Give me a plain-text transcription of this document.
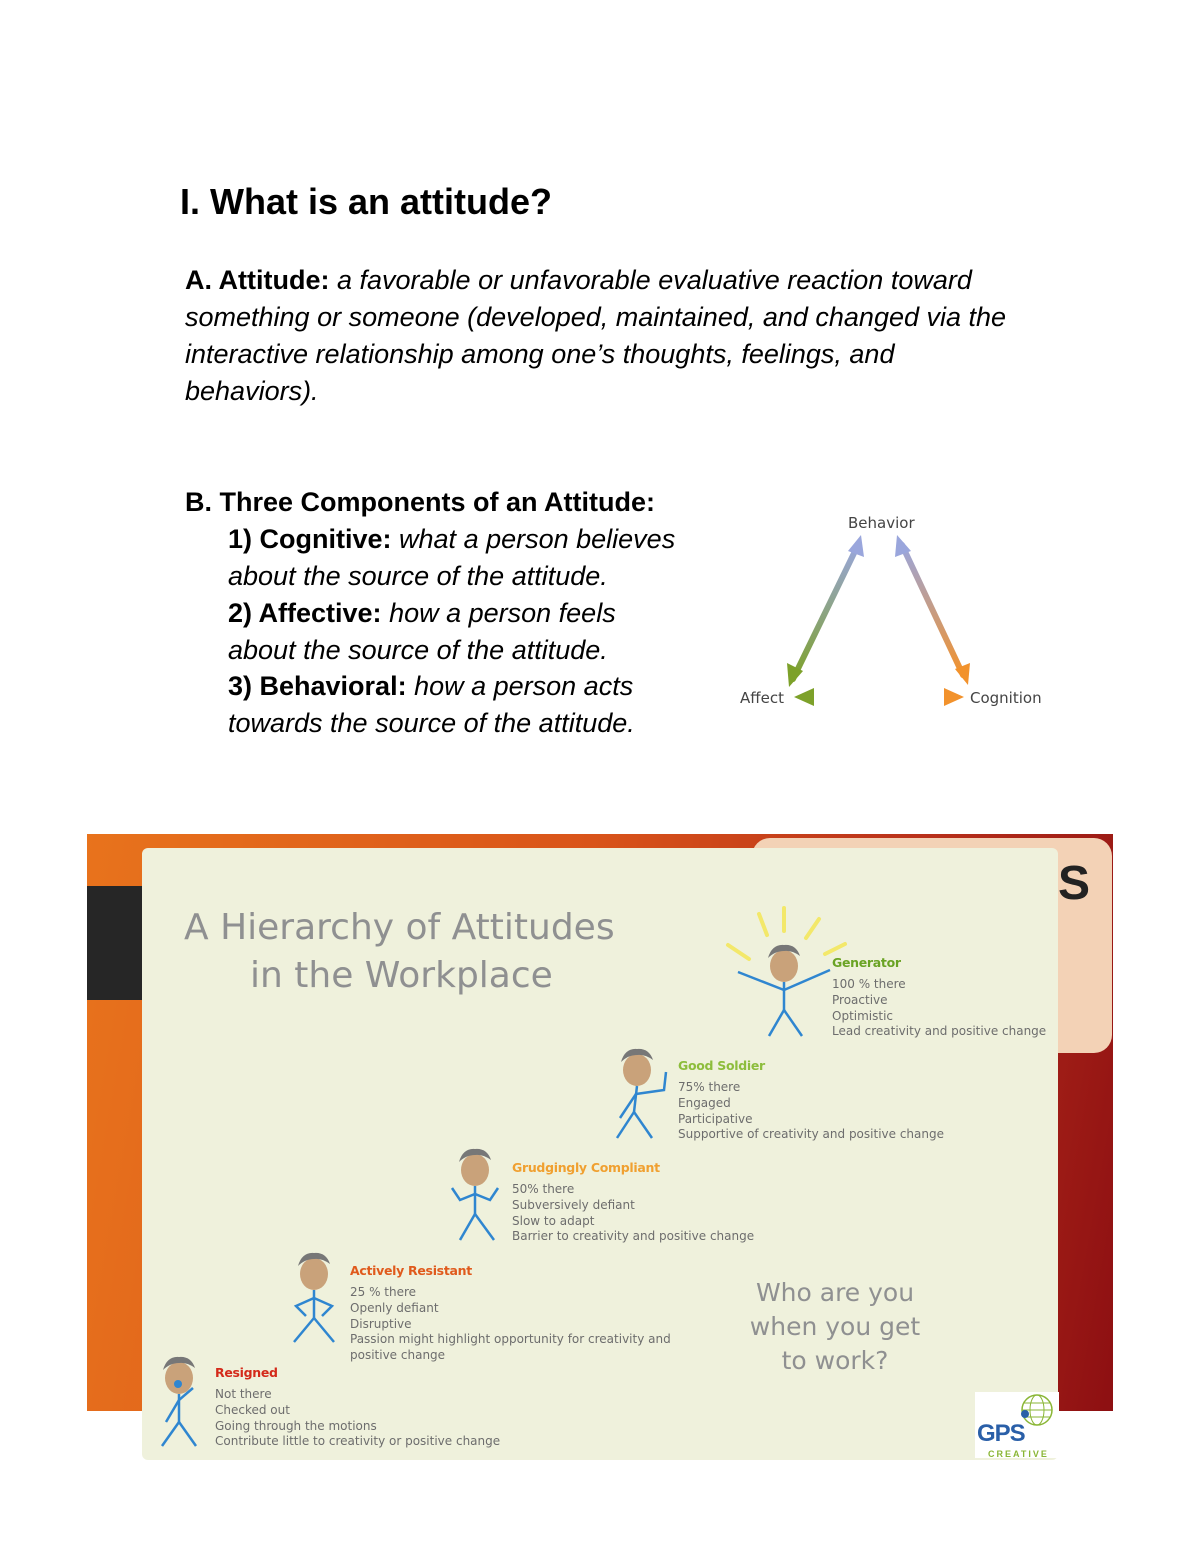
I. What is an attitude?

A. Attitude: a favorable or unfavorable evaluative reaction toward something or someone (developed, maintained, and changed via the interactive relationship among one’s thoughts, feelings, and behaviors).

B. Three Components of an Attitude:

1) Cognitive: what a person believes
about the source of the attitude.

2) Affective: how a person feels
about the source of the attitude.

3) Behavioral: how a person acts
towards the source of the attitude.

Behavior
Affect	Cognition
S
A Hierarchy of Attitudes
in the Workplace	Generator
100 % there
Proactive
Optimistic
Lead creativity and positive change
Good Soldier
75% there
Engaged
Participative
Supportive of creativity and positive change
Grudgingly Compliant
50% there
Subversively defiant
Slow to adapt
Barrier to creativity and positive change
Actively Resistant
25 % there
Openly defiant
Disruptive
Passion might highlight opportunity for creativity and
positive change
Resigned
Not there
Checked out
Going through the motions
Contribute little to creativity or positive change
Who are you
when you get
to work?
GPS
CREATIVE
